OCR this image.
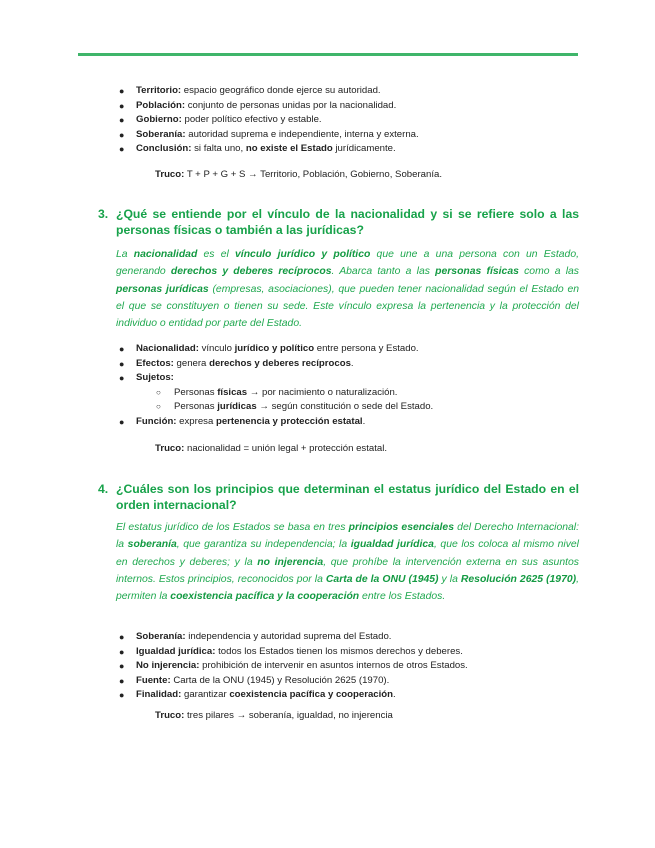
● Territorio: espacio geográfico donde ejerce su autoridad.
● Población: conjunto de personas unidas por la nacionalidad.
● Gobierno: poder político efectivo y estable.
● Soberanía: autoridad suprema e independiente, interna y externa.
● Conclusión: si falta uno, no existe el Estado jurídicamente.
Truco: T + P + G + S → Territorio, Población, Gobierno, Soberanía.
3. ¿Qué se entiende por el vínculo de la nacionalidad y si se refiere solo a las personas físicas o también a las jurídicas?

La nacionalidad es el vínculo jurídico y político que une a una persona con un Estado, generando derechos y deberes recíprocos. Abarca tanto a las personas físicas como a las personas jurídicas (empresas, asociaciones), que pueden tener nacionalidad según el Estado en el que se constituyen o tienen su sede. Este vínculo expresa la pertenencia y la protección del individuo o entidad por parte del Estado.

● Nacionalidad: vínculo jurídico y político entre persona y Estado.
● Efectos: genera derechos y deberes recíprocos.
● Sujetos:
○ Personas físicas → por nacimiento o naturalización.
○ Personas jurídicas → según constitución o sede del Estado.
● Función: expresa pertenencia y protección estatal.
Truco: nacionalidad = unión legal + protección estatal.
4. ¿Cuáles son los principios que determinan el estatus jurídico del Estado en el orden internacional?

El estatus jurídico de los Estados se basa en tres principios esenciales del Derecho Internacional: la soberanía, que garantiza su independencia; la igualdad jurídica, que los coloca al mismo nivel en derechos y deberes; y la no injerencia, que prohíbe la intervención externa en sus asuntos internos. Estos principios, reconocidos por la Carta de la ONU (1945) y la Resolución 2625 (1970), permiten la coexistencia pacífica y la cooperación entre los Estados.

● Soberanía: independencia y autoridad suprema del Estado.
● Igualdad jurídica: todos los Estados tienen los mismos derechos y deberes.
● No injerencia: prohibición de intervenir en asuntos internos de otros Estados.
● Fuente: Carta de la ONU (1945) y Resolución 2625 (1970).
● Finalidad: garantizar coexistencia pacífica y cooperación.
Truco: tres pilares → soberanía, igualdad, no injerencia
